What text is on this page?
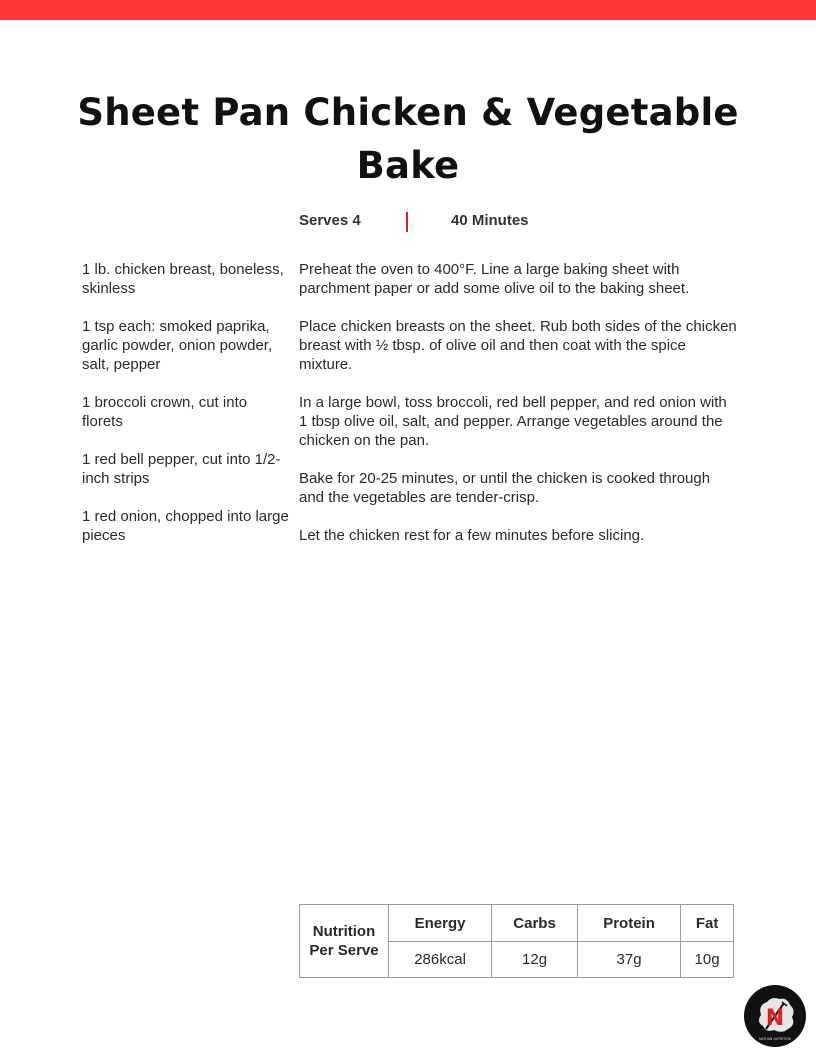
Sheet Pan Chicken & Vegetable Bake
Serves 4	40 Minutes

1 lb. chicken breast, boneless, skinless

1 tsp each: smoked paprika, garlic powder, onion powder, salt, pepper

1 broccoli crown, cut into florets

1 red bell pepper, cut into 1/2-inch strips

1 red onion, chopped into large pieces

Preheat the oven to 400°F. Line a large baking sheet with parchment paper or add some olive oil to the baking sheet.

Place chicken breasts on the sheet. Rub both sides of the chicken breast with ½ tbsp. of olive oil and then coat with the spice mixture.

In a large bowl, toss broccoli, red bell pepper, and red onion with 1 tbsp olive oil, salt, and pepper. Arrange vegetables around the chicken on the pan.

Bake for 20-25 minutes, or until the chicken is cooked through and the vegetables are tender-crisp.

Let the chicken rest for a few minutes before slicing.

Nutrition Per Serve	Energy	Carbs	Protein	Fat
	286kcal	12g	37g	10g
N
NATHAN NUTRITION
